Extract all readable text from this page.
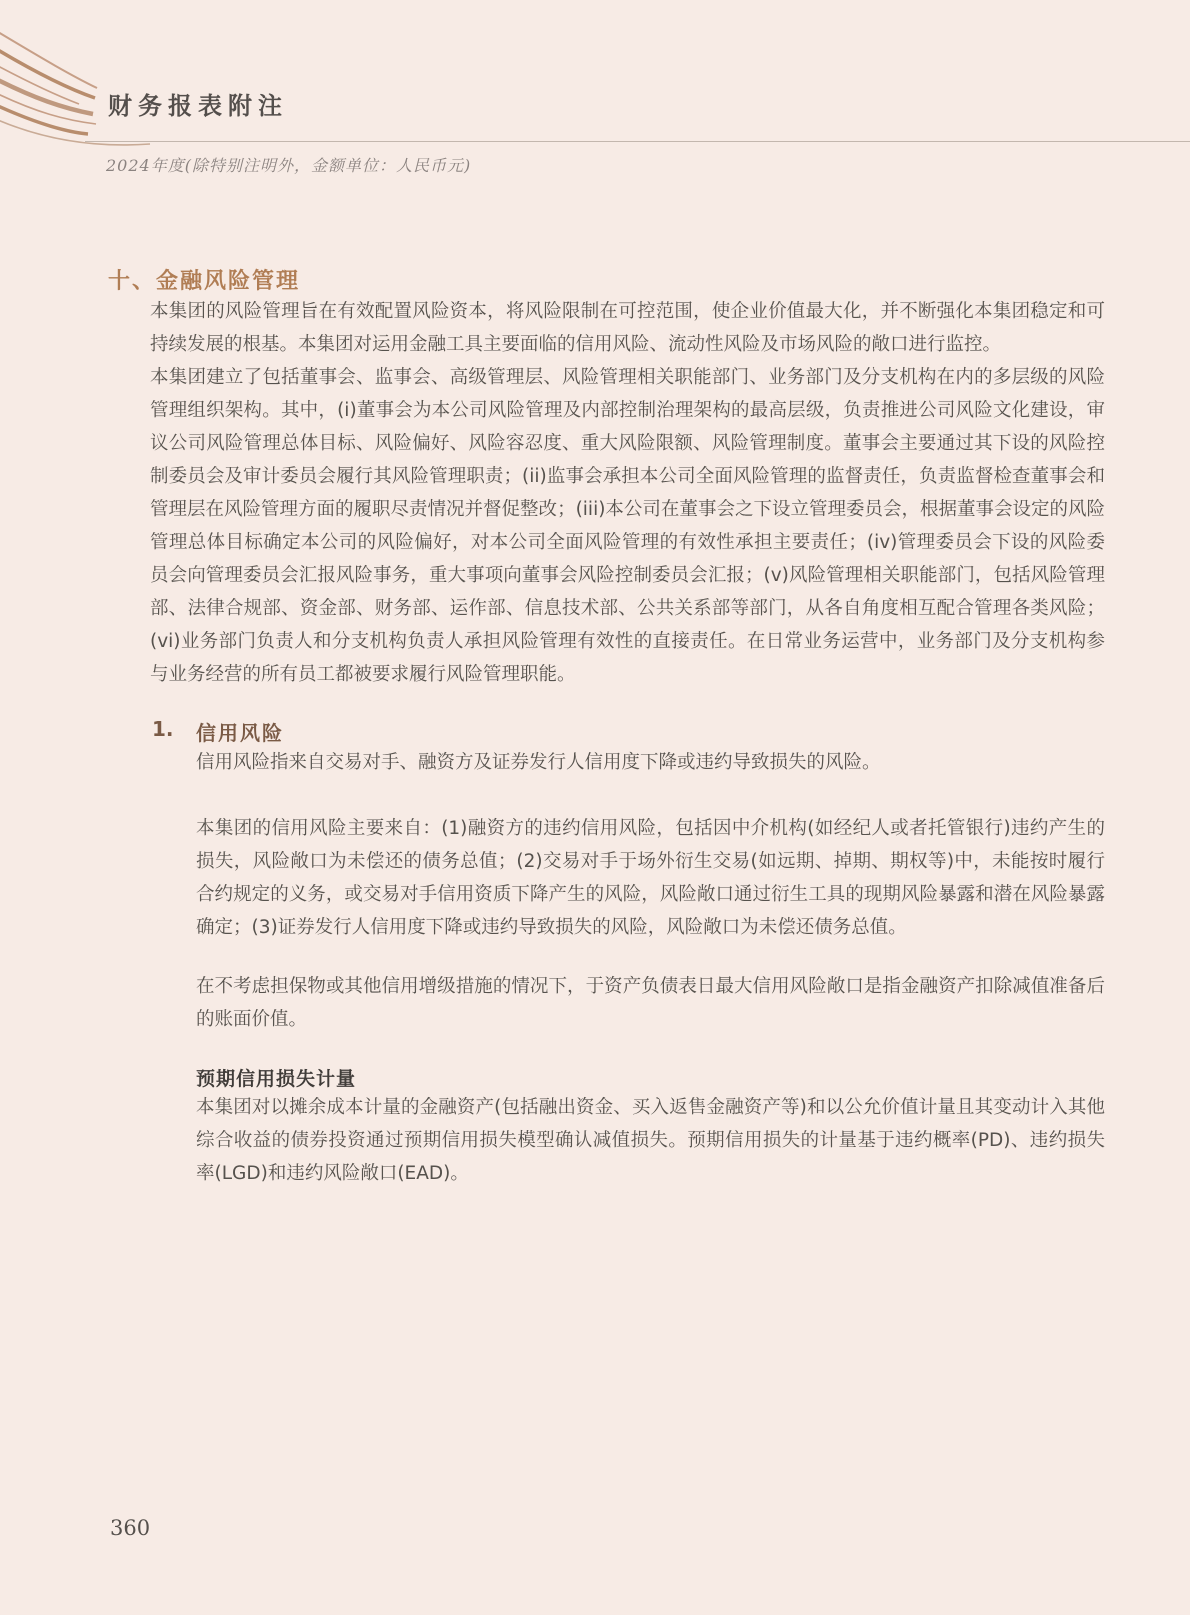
财务报表附注
2024年度(除特别注明外，金额单位：人民币元)
十、金融风险管理

本集团的风险管理旨在有效配置风险资本，将风险限制在可控范围，使企业价值最大化，并不断强化本集团稳定和可持续发展的根基。本集团对运用金融工具主要面临的信用风险、流动性风险及市场风险的敞口进行监控。

本集团建立了包括董事会、监事会、高级管理层、风险管理相关职能部门、业务部门及分支机构在内的多层级的风险管理组织架构。其中，(i)董事会为本公司风险管理及内部控制治理架构的最高层级，负责推进公司风险文化建设，审议公司风险管理总体目标、风险偏好、风险容忍度、重大风险限额、风险管理制度。董事会主要通过其下设的风险控制委员会及审计委员会履行其风险管理职责；(ii)监事会承担本公司全面风险管理的监督责任，负责监督检查董事会和管理层在风险管理方面的履职尽责情况并督促整改；(iii)本公司在董事会之下设立管理委员会，根据董事会设定的风险管理总体目标确定本公司的风险偏好，对本公司全面风险管理的有效性承担主要责任；(iv)管理委员会下设的风险委员会向管理委员会汇报风险事务，重大事项向董事会风险控制委员会汇报；(v)风险管理相关职能部门，包括风险管理部、法律合规部、资金部、财务部、运作部、信息技术部、公共关系部等部门，从各自角度相互配合管理各类风险；(vi)业务部门负责人和分支机构负责人承担风险管理有效性的直接责任。在日常业务运营中，业务部门及分支机构参与业务经营的所有员工都被要求履行风险管理职能。

1.	信用风险

信用风险指来自交易对手、融资方及证券发行人信用度下降或违约导致损失的风险。

本集团的信用风险主要来自：(1)融资方的违约信用风险，包括因中介机构(如经纪人或者托管银行)违约产生的损失，风险敞口为未偿还的债务总值；(2)交易对手于场外衍生交易(如远期、掉期、期权等)中，未能按时履行合约规定的义务，或交易对手信用资质下降产生的风险，风险敞口通过衍生工具的现期风险暴露和潜在风险暴露确定；(3)证券发行人信用度下降或违约导致损失的风险，风险敞口为未偿还债务总值。

在不考虑担保物或其他信用增级措施的情况下，于资产负债表日最大信用风险敞口是指金融资产扣除减值准备后的账面价值。

预期信用损失计量

本集团对以摊余成本计量的金融资产(包括融出资金、买入返售金融资产等)和以公允价值计量且其变动计入其他综合收益的债券投资通过预期信用损失模型确认减值损失。预期信用损失的计量基于违约概率(PD)、违约损失率(LGD)和违约风险敞口(EAD)。

360
